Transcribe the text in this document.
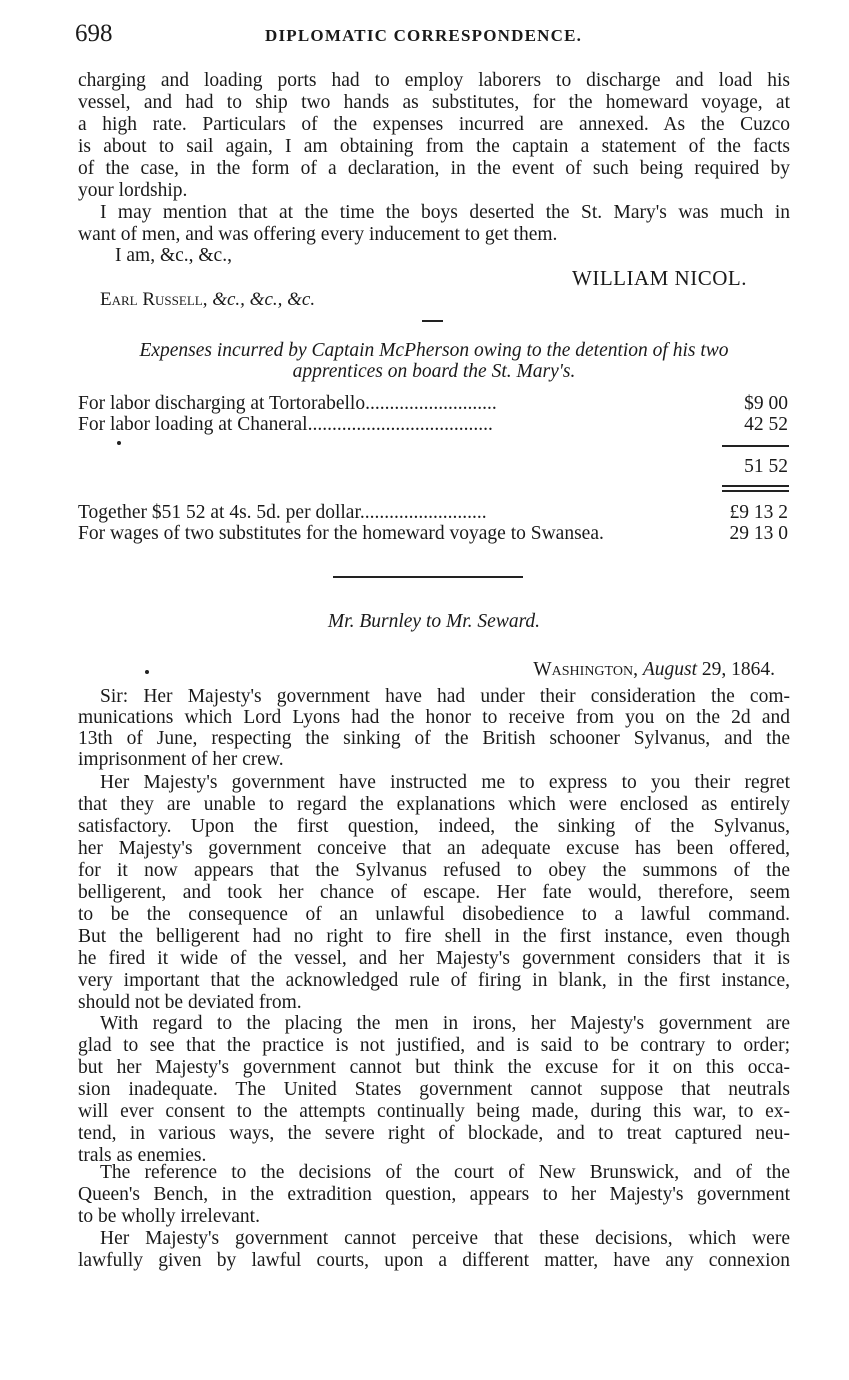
698	DIPLOMATIC CORRESPONDENCE.
charging and loading ports had to employ laborers to discharge and load his
vessel, and had to ship two hands as substitutes, for the homeward voyage, at
a high rate. Particulars of the expenses incurred are annexed. As the Cuzco
is about to sail again, I am obtaining from the captain a statement of the facts
of the case, in the form of a declaration, in the event of such being required by
your lordship.
I may mention that at the time the boys deserted the St. Mary's was much in
want of men, and was offering every inducement to get them.
I am, &c., &c.,
WILLIAM NICOL.
Earl Russell, &c., &c., &c.
Expenses incurred by Captain McPherson owing to the detention of his two
apprentices on board the St. Mary's.
For labor discharging at Tortorabello...........................	$9 00
For labor loading at Chaneral......................................	42 52
51 52
Together $51 52 at 4s. 5d. per dollar..........................	£9 13 2
For wages of two substitutes for the homeward voyage to Swansea.	29 13 0
Mr. Burnley to Mr. Seward.
Washington, August 29, 1864.
Sir: Her Majesty's government have had under their consideration the com-
munications which Lord Lyons had the honor to receive from you on the 2d and
13th of June, respecting the sinking of the British schooner Sylvanus, and the
imprisonment of her crew.
Her Majesty's government have instructed me to express to you their regret
that they are unable to regard the explanations which were enclosed as entirely
satisfactory. Upon the first question, indeed, the sinking of the Sylvanus,
her Majesty's government conceive that an adequate excuse has been offered,
for it now appears that the Sylvanus refused to obey the summons of the
belligerent, and took her chance of escape. Her fate would, therefore, seem
to be the consequence of an unlawful disobedience to a lawful command.
But the belligerent had no right to fire shell in the first instance, even though
he fired it wide of the vessel, and her Majesty's government considers that it is
very important that the acknowledged rule of firing in blank, in the first instance,
should not be deviated from.
With regard to the placing the men in irons, her Majesty's government are
glad to see that the practice is not justified, and is said to be contrary to order;
but her Majesty's government cannot but think the excuse for it on this occa-
sion inadequate. The United States government cannot suppose that neutrals
will ever consent to the attempts continually being made, during this war, to ex-
tend, in various ways, the severe right of blockade, and to treat captured neu-
trals as enemies.
The reference to the decisions of the court of New Brunswick, and of the
Queen's Bench, in the extradition question, appears to her Majesty's government
to be wholly irrelevant.
Her Majesty's government cannot perceive that these decisions, which were
lawfully given by lawful courts, upon a different matter, have any connexion
